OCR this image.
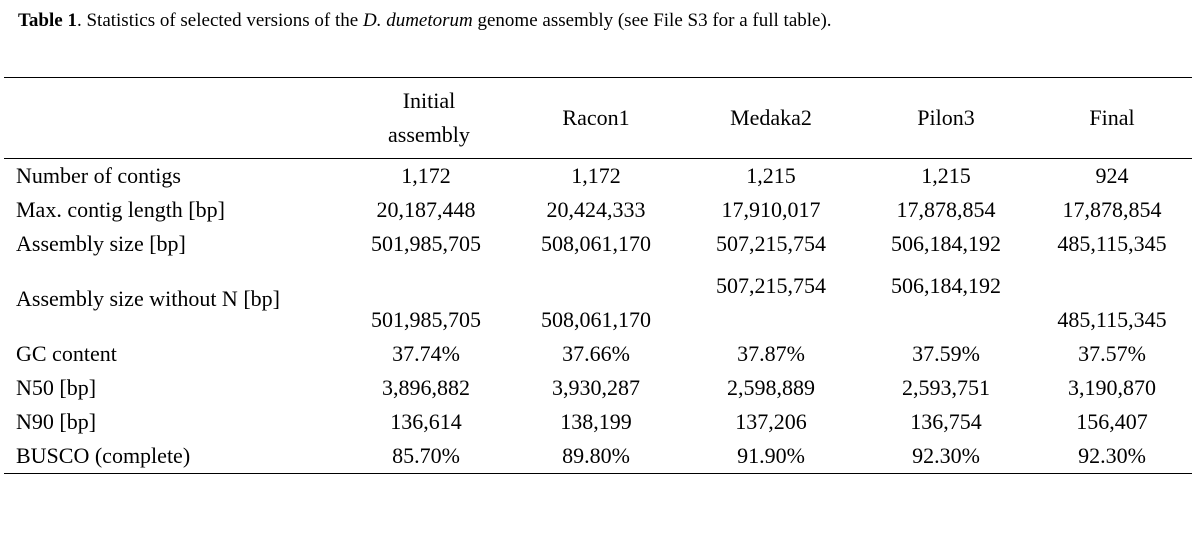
Table 1. Statistics of selected versions of the D. dumetorum genome assembly (see File S3 for a full table).
	Initial assembly	Racon1	Medaka2	Pilon3	Final
Number of contigs	1,172	1,172	1,215	1,215	924
Max. contig length [bp]	20,187,448	20,424,333	17,910,017	17,878,854	17,878,854
Assembly size [bp]	501,985,705	508,061,170	507,215,754	506,184,192	485,115,345
Assembly size without N [bp]	501,985,705	508,061,170	507,215,754	506,184,192	485,115,345
GC content	37.74%	37.66%	37.87%	37.59%	37.57%
N50 [bp]	3,896,882	3,930,287	2,598,889	2,593,751	3,190,870
N90 [bp]	136,614	138,199	137,206	136,754	156,407
BUSCO (complete)	85.70%	89.80%	91.90%	92.30%	92.30%
